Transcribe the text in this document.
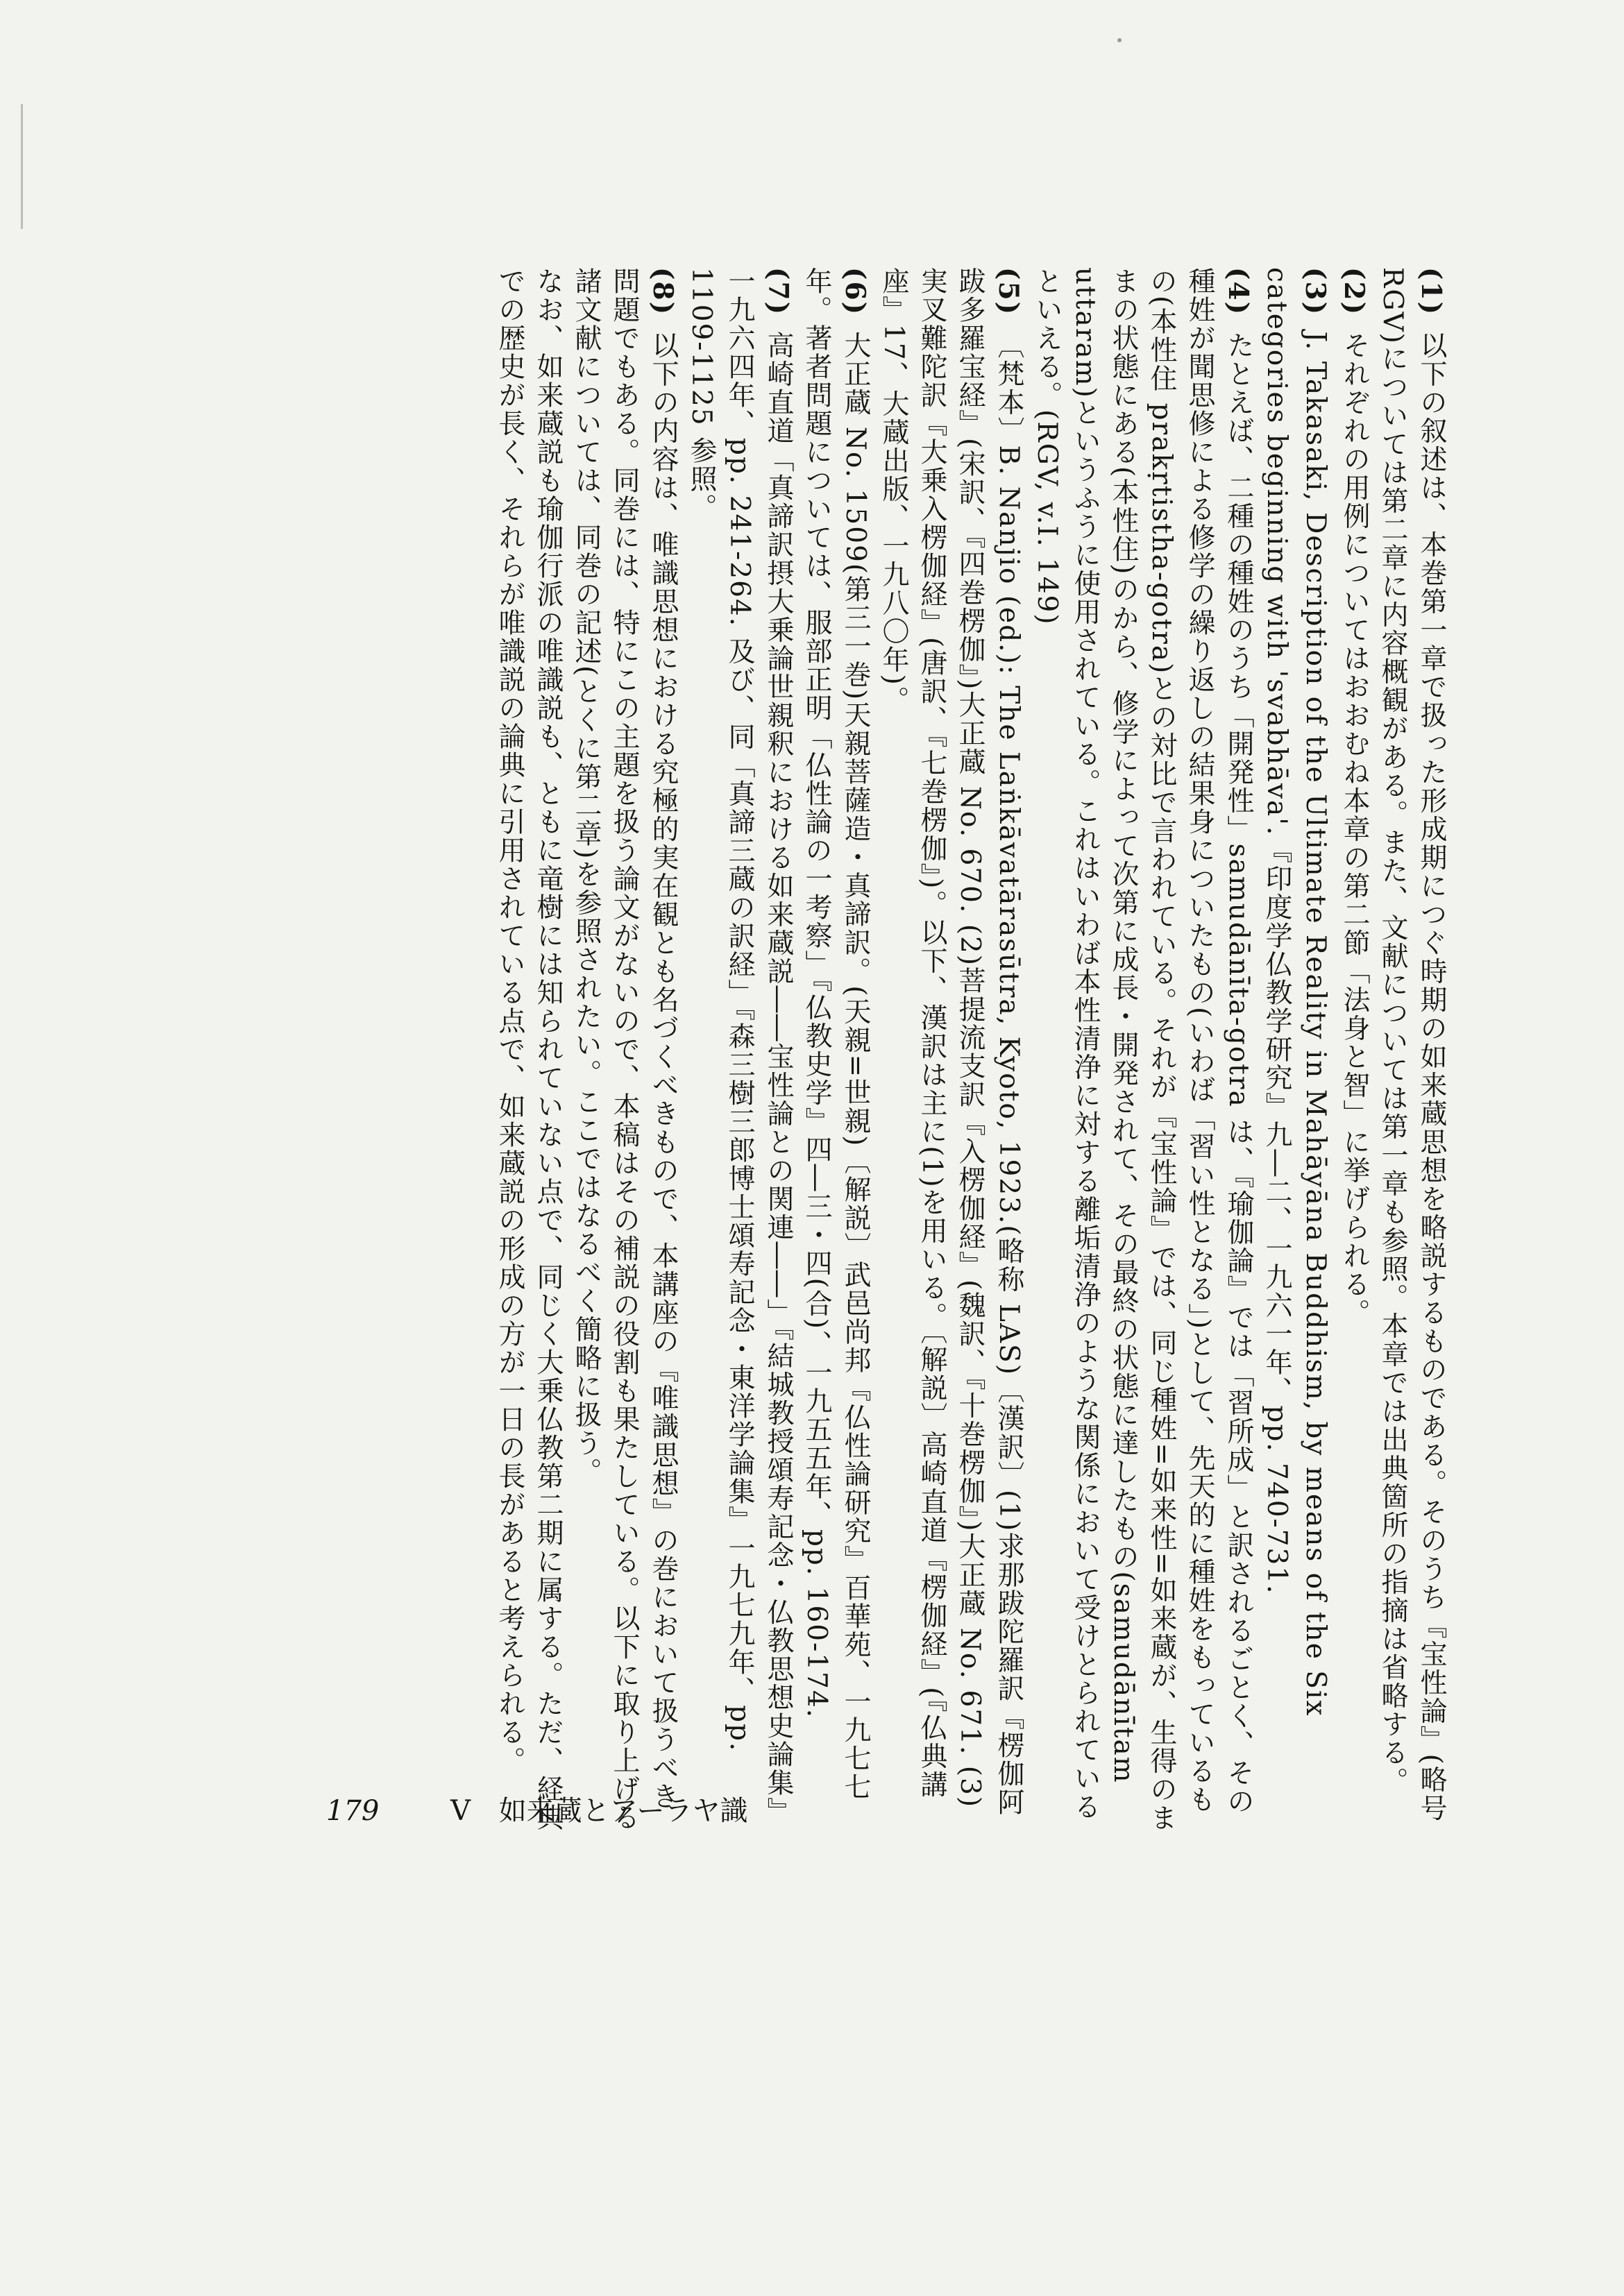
(1) 以下の叙述は、本巻第一章で扱った形成期につぐ時期の如来蔵思想を略説するものである。そのうち『宝性論』(略号 RGV)については第二章に内容概観がある。また、文献については第一章も参照。本章では出典箇所の指摘は省略する。

(2) それぞれの用例についてはおおむね本章の第二節「法身と智」に挙げられる。

(3) J. Takasaki, Description of the Ultimate Reality in Mahāyāna Buddhism, by means of the Six categories beginning with 'svabhāva'.『印度学仏教学研究』九―二、一九六一年、pp. 740-731.

(4) たとえば、二種の種姓のうち「開発性」samudānīta-gotra は、『瑜伽論』では「習所成」と訳されるごとく、その種姓が聞思修による修学の繰り返しの結果身についたもの(いわば「習い性となる」)として、先天的に種姓をもっているもの(本性住 prakṛtistha-gotra)との対比で言われている。それが『宝性論』では、同じ種姓=如来性=如来蔵が、生得のままの状態にある(本性住)のから、修学によって次第に成長・開発されて、その最終の状態に達したもの(samudānītam uttaram)というふうに使用されている。これはいわば本性清浄に対する離垢清浄のような関係において受けとられているといえる。(RGV, v.I. 149)

(5) 〔梵本〕B. Nanjio (ed.): The Laṅkāvatārasūtra, Kyoto, 1923.(略称 LAS)〔漢訳〕(1)求那跋陀羅訳『楞伽阿跋多羅宝経』(宋訳、『四巻楞伽』)大正蔵 No. 670. (2)菩提流支訳『入楞伽経』(魏訳、『十巻楞伽』)大正蔵 No. 671. (3)実叉難陀訳『大乗入楞伽経』(唐訳、『七巻楞伽』)。以下、漢訳は主に(1)を用いる。〔解説〕高崎直道『楞伽経』(『仏典講座』17、大蔵出版、一九八〇年)。

(6) 大正蔵 No. 1509(第三一巻)天親菩薩造・真諦訳。(天親=世親)〔解説〕武邑尚邦『仏性論研究』百華苑、一九七七年。著者問題については、服部正明「仏性論の一考察」『仏教史学』四―三・四(合)、一九五五年、pp. 160-174.

(7) 高崎直道「真諦訳摂大乗論世親釈における如来蔵説――宝性論との関連――」『結城教授頌寿記念・仏教思想史論集』一九六四年、pp. 241-264. 及び、同「真諦三蔵の訳経」『森三樹三郎博士頌寿記念・東洋学論集』一九七九年、pp. 1109-1125 参照。

(8) 以下の内容は、唯識思想における究極的実在観とも名づくべきもので、本講座の『唯識思想』の巻において扱うべき問題でもある。同巻には、特にこの主題を扱う論文がないので、本稿はその補説の役割も果たしている。以下に取り上げる諸文献については、同巻の記述(とくに第二章)を参照されたい。ここではなるべく簡略に扱う。

なお、如来蔵説も瑜伽行派の唯識説も、ともに竜樹には知られていない点で、同じく大乗仏教第二期に属する。ただ、経典での歴史が長く、それらが唯識説の論典に引用されている点で、如来蔵説の形成の方が一日の長があると考えられる。

179	V 如来蔵とアーラヤ識
